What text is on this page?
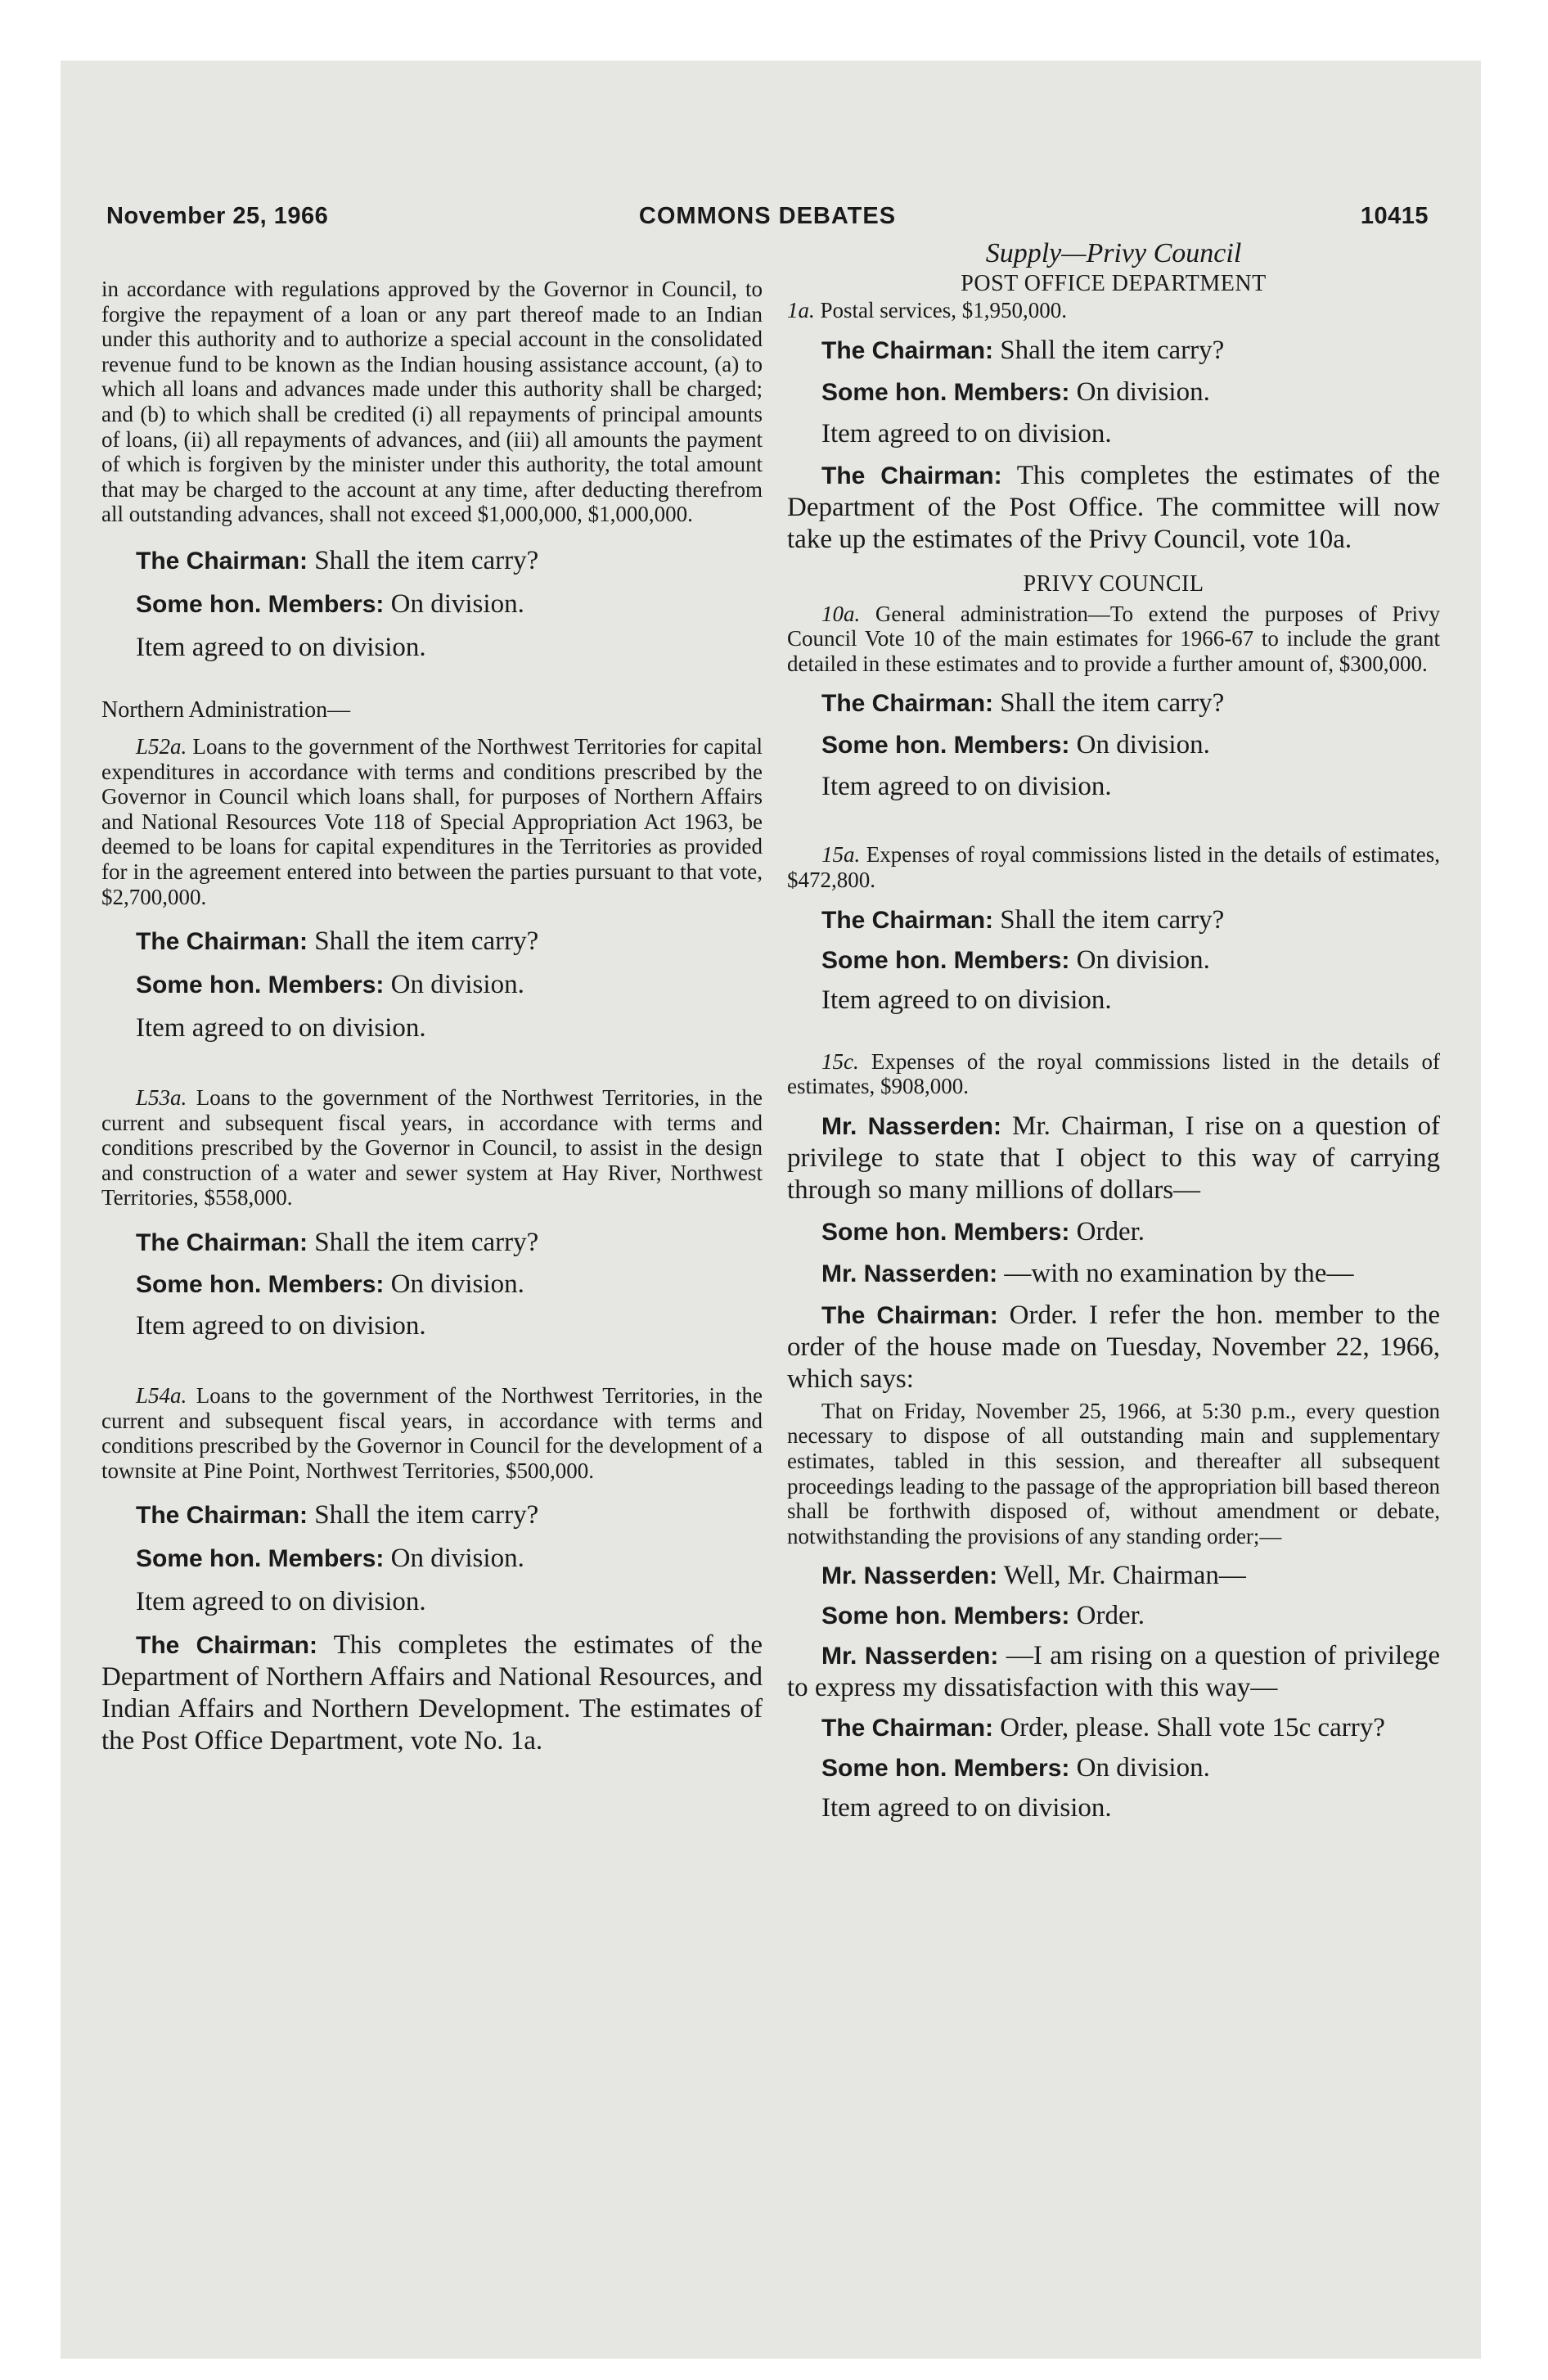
November 25, 1966	COMMONS DEBATES	10415

in accordance with regulations approved by the Governor in Council, to forgive the repayment of a loan or any part thereof made to an Indian under this authority and to authorize a special account in the consolidated revenue fund to be known as the Indian housing assistance account, (a) to which all loans and advances made under this authority shall be charged; and (b) to which shall be credited (i) all repayments of principal amounts of loans, (ii) all repayments of advances, and (iii) all amounts the payment of which is forgiven by the minister under this authority, the total amount that may be charged to the account at any time, after deducting therefrom all outstanding advances, shall not exceed $1,000,000, $1,000,000.

The Chairman: Shall the item carry?

Some hon. Members: On division.

Item agreed to on division.

Northern Administration—

L52a. Loans to the government of the Northwest Territories for capital expenditures in accordance with terms and conditions prescribed by the Governor in Council which loans shall, for purposes of Northern Affairs and National Resources Vote 118 of Special Appropriation Act 1963, be deemed to be loans for capital expenditures in the Territories as provided for in the agreement entered into between the parties pursuant to that vote, $2,700,000.

The Chairman: Shall the item carry?

Some hon. Members: On division.

Item agreed to on division.

L53a. Loans to the government of the Northwest Territories, in the current and subsequent fiscal years, in accordance with terms and conditions prescribed by the Governor in Council, to assist in the design and construction of a water and sewer system at Hay River, Northwest Territories, $558,000.

The Chairman: Shall the item carry?

Some hon. Members: On division.

Item agreed to on division.

L54a. Loans to the government of the Northwest Territories, in the current and subsequent fiscal years, in accordance with terms and conditions prescribed by the Governor in Council for the development of a townsite at Pine Point, Northwest Territories, $500,000.

The Chairman: Shall the item carry?

Some hon. Members: On division.

Item agreed to on division.

The Chairman: This completes the estimates of the Department of Northern Affairs and National Resources, and Indian Affairs and Northern Development. The estimates of the Post Office Department, vote No. 1a.

Supply—Privy Council

POST OFFICE DEPARTMENT

1a. Postal services, $1,950,000.

The Chairman: Shall the item carry?

Some hon. Members: On division.

Item agreed to on division.

The Chairman: This completes the estimates of the Department of the Post Office. The committee will now take up the estimates of the Privy Council, vote 10a.

PRIVY COUNCIL

10a. General administration—To extend the purposes of Privy Council Vote 10 of the main estimates for 1966-67 to include the grant detailed in these estimates and to provide a further amount of, $300,000.

The Chairman: Shall the item carry?

Some hon. Members: On division.

Item agreed to on division.

15a. Expenses of royal commissions listed in the details of estimates, $472,800.

The Chairman: Shall the item carry?

Some hon. Members: On division.

Item agreed to on division.

15c. Expenses of the royal commissions listed in the details of estimates, $908,000.

Mr. Nasserden: Mr. Chairman, I rise on a question of privilege to state that I object to this way of carrying through so many millions of dollars—

Some hon. Members: Order.

Mr. Nasserden: —with no examination by the—

The Chairman: Order. I refer the hon. member to the order of the house made on Tuesday, November 22, 1966, which says:

That on Friday, November 25, 1966, at 5:30 p.m., every question necessary to dispose of all outstanding main and supplementary estimates, tabled in this session, and thereafter all subsequent proceedings leading to the passage of the appropriation bill based thereon shall be forthwith disposed of, without amendment or debate, notwithstanding the provisions of any standing order;—

Mr. Nasserden: Well, Mr. Chairman—

Some hon. Members: Order.

Mr. Nasserden: —I am rising on a question of privilege to express my dissatisfaction with this way—

The Chairman: Order, please. Shall vote 15c carry?

Some hon. Members: On division.

Item agreed to on division.
